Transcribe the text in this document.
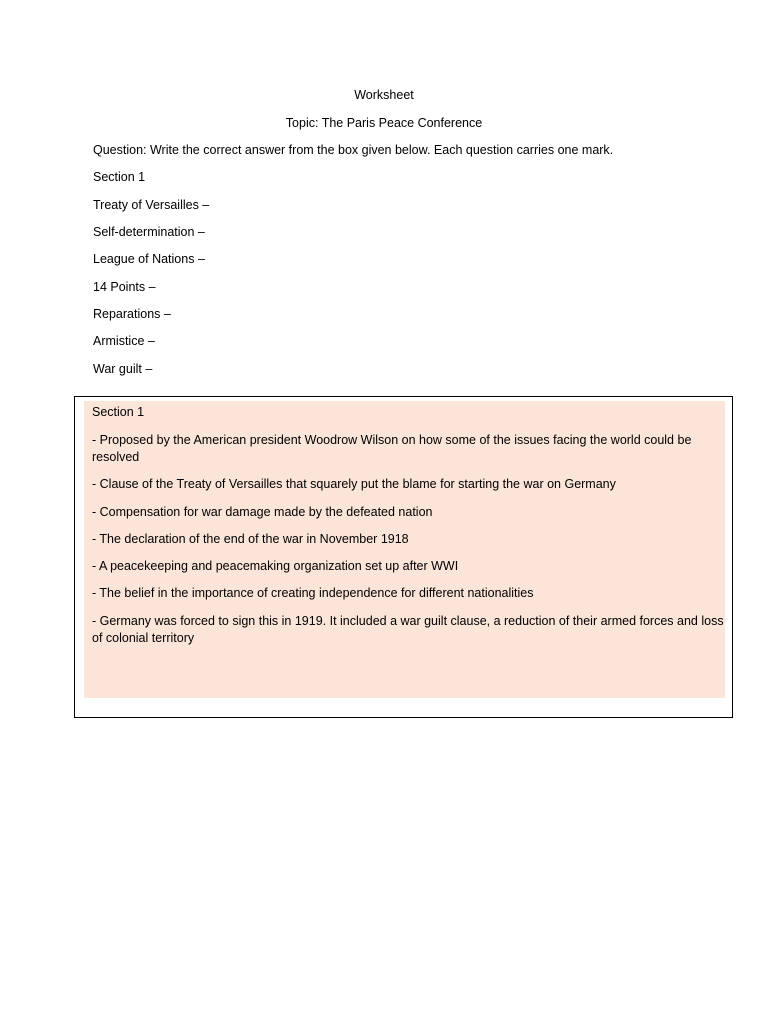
Worksheet
Topic: The Paris Peace Conference
Question: Write the correct answer from the box given below. Each question carries one mark.
Section 1
Treaty of Versailles –
Self-determination –
League of Nations –
14 Points –
Reparations –
Armistice –
War guilt –
Section 1
- Proposed by the American president Woodrow Wilson on how some of the issues facing the world could be resolved
- Clause of the Treaty of Versailles that squarely put the blame for starting the war on Germany
- Compensation for war damage made by the defeated nation
- The declaration of the end of the war in November 1918
- A peacekeeping and peacemaking organization set up after WWI
- The belief in the importance of creating independence for different nationalities
- Germany was forced to sign this in 1919. It included a war guilt clause, a reduction of their armed forces and loss of colonial territory
